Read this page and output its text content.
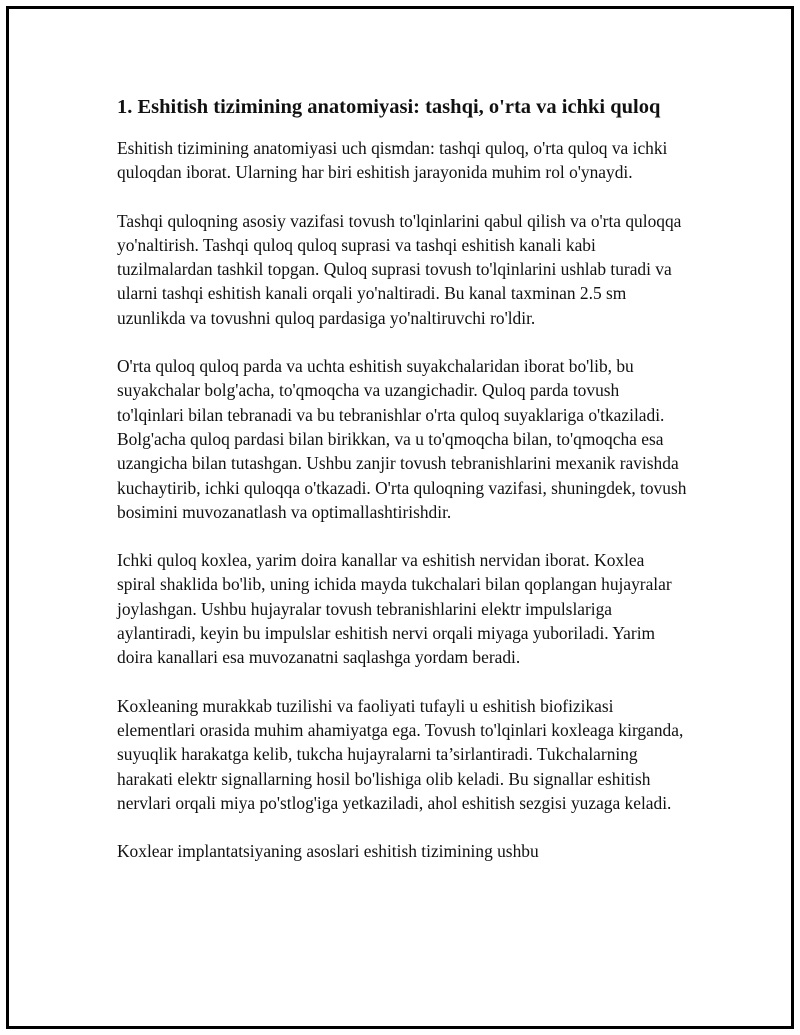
1. Eshitish tizimining anatomiyasi: tashqi, o'rta va ichki quloq

Eshitish tizimining anatomiyasi uch qismdan: tashqi quloq, o'rta quloq va ichki quloqdan iborat. Ularning har biri eshitish jarayonida muhim rol o'ynaydi.

Tashqi quloqning asosiy vazifasi tovush to'lqinlarini qabul qilish va o'rta quloqqa yo'naltirish. Tashqi quloq quloq suprasi va tashqi eshitish kanali kabi tuzilmalardan tashkil topgan. Quloq suprasi tovush to'lqinlarini ushlab turadi va ularni tashqi eshitish kanali orqali yo'naltiradi. Bu kanal taxminan 2.5 sm uzunlikda va tovushni quloq pardasiga yo'naltiruvchi ro'ldir.

O'rta quloq quloq parda va uchta eshitish suyakchalaridan iborat bo'lib, bu suyakchalar bolg'acha, to'qmoqcha va uzangichadir. Quloq parda tovush to'lqinlari bilan tebranadi va bu tebranishlar o'rta quloq suyaklariga o'tkaziladi. Bolg'acha quloq pardasi bilan birikkan, va u to'qmoqcha bilan, to'qmoqcha esa uzangicha bilan tutashgan. Ushbu zanjir tovush tebranishlarini mexanik ravishda kuchaytirib, ichki quloqqa o'tkazadi. O'rta quloqning vazifasi, shuningdek, tovush bosimini muvozanatlash va optimallashtirishdir.

Ichki quloq koxlea, yarim doira kanallar va eshitish nervidan iborat. Koxlea spiral shaklida bo'lib, uning ichida mayda tukchalari bilan qoplangan hujayralar joylashgan. Ushbu hujayralar tovush tebranishlarini elektr impulslariga aylantiradi, keyin bu impulslar eshitish nervi orqali miyaga yuboriladi. Yarim doira kanallari esa muvozanatni saqlashga yordam beradi.

Koxleaning murakkab tuzilishi va faoliyati tufayli u eshitish biofizikasi elementlari orasida muhim ahamiyatga ega. Tovush to'lqinlari koxleaga kirganda, suyuqlik harakatga kelib, tukcha hujayralarni ta’sirlantiradi. Tukchalarning harakati elektr signallarning hosil bo'lishiga olib keladi. Bu signallar eshitish nervlari orqali miya po'stlog'iga yetkaziladi, ahol eshitish sezgisi yuzaga keladi.

Koxlear implantatsiyaning asoslari eshitish tizimining ushbu
